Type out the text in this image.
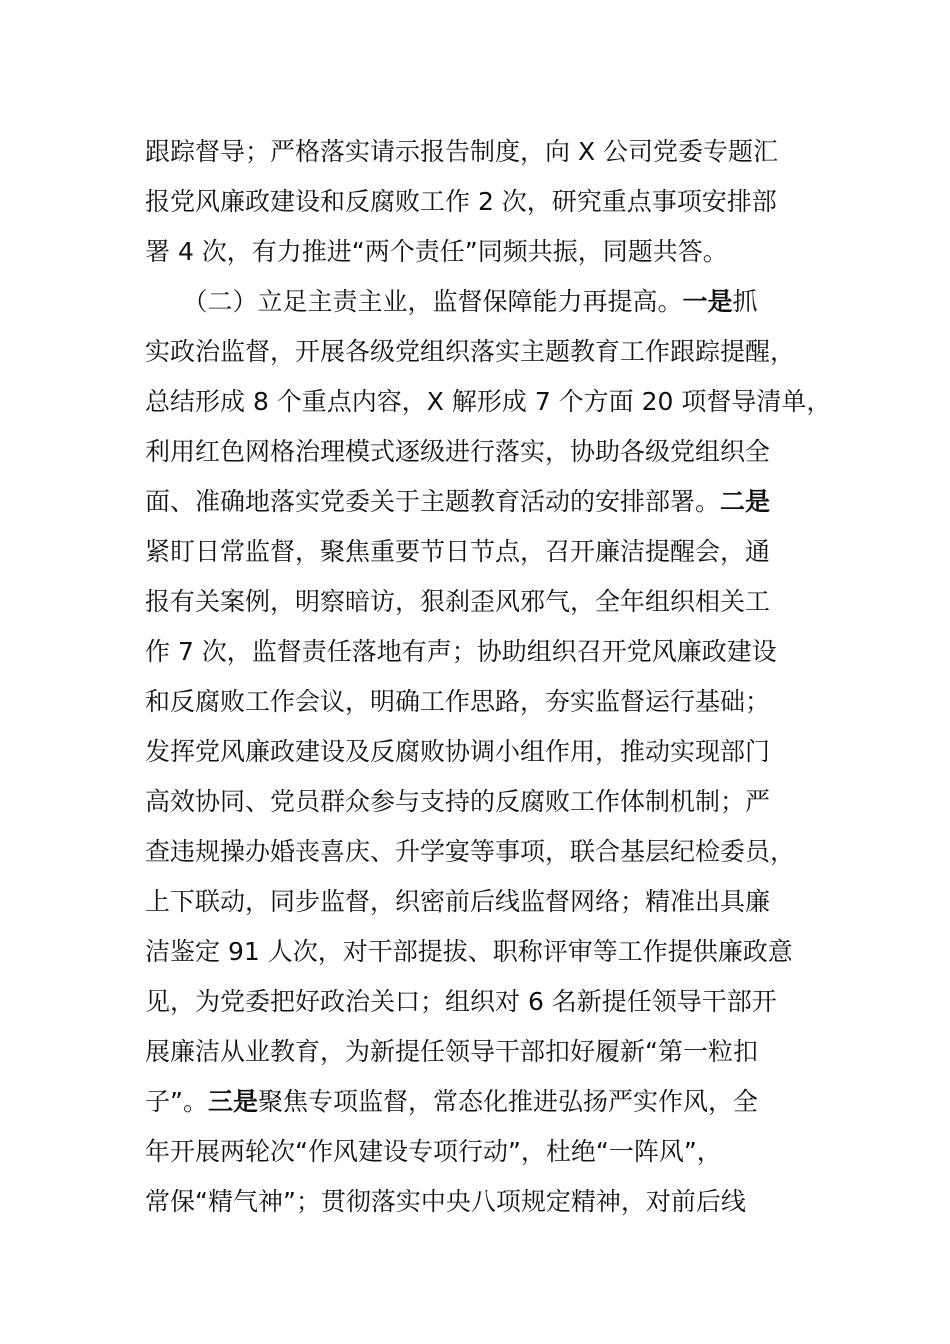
跟踪督导；严格落实请示报告制度，向 X 公司党委专题汇
报党风廉政建设和反腐败工作 2 次，研究重点事项安排部
署 4 次，有力推进“两个责任”同频共振，同题共答。
　　（二）立足主责主业，监督保障能力再提高。一是抓
实政治监督，开展各级党组织落实主题教育工作跟踪提醒，
总结形成 8 个重点内容，X 解形成 7 个方面 20 项督导清单，
利用红色网格治理模式逐级进行落实，协助各级党组织全
面、准确地落实党委关于主题教育活动的安排部署。二是
紧盯日常监督，聚焦重要节日节点，召开廉洁提醒会，通
报有关案例，明察暗访，狠刹歪风邪气，全年组织相关工
作 7 次，监督责任落地有声；协助组织召开党风廉政建设
和反腐败工作会议，明确工作思路，夯实监督运行基础；
发挥党风廉政建设及反腐败协调小组作用，推动实现部门
高效协同、党员群众参与支持的反腐败工作体制机制；严
查违规操办婚丧喜庆、升学宴等事项，联合基层纪检委员，
上下联动，同步监督，织密前后线监督网络；精准出具廉
洁鉴定 91 人次，对干部提拔、职称评审等工作提供廉政意
见，为党委把好政治关口；组织对 6 名新提任领导干部开
展廉洁从业教育，为新提任领导干部扣好履新“第一粒扣
子”。三是聚焦专项监督，常态化推进弘扬严实作风，全
年开展两轮次“作风建设专项行动”，杜绝“一阵风”，
常保“精气神”；贯彻落实中央八项规定精神，对前后线
